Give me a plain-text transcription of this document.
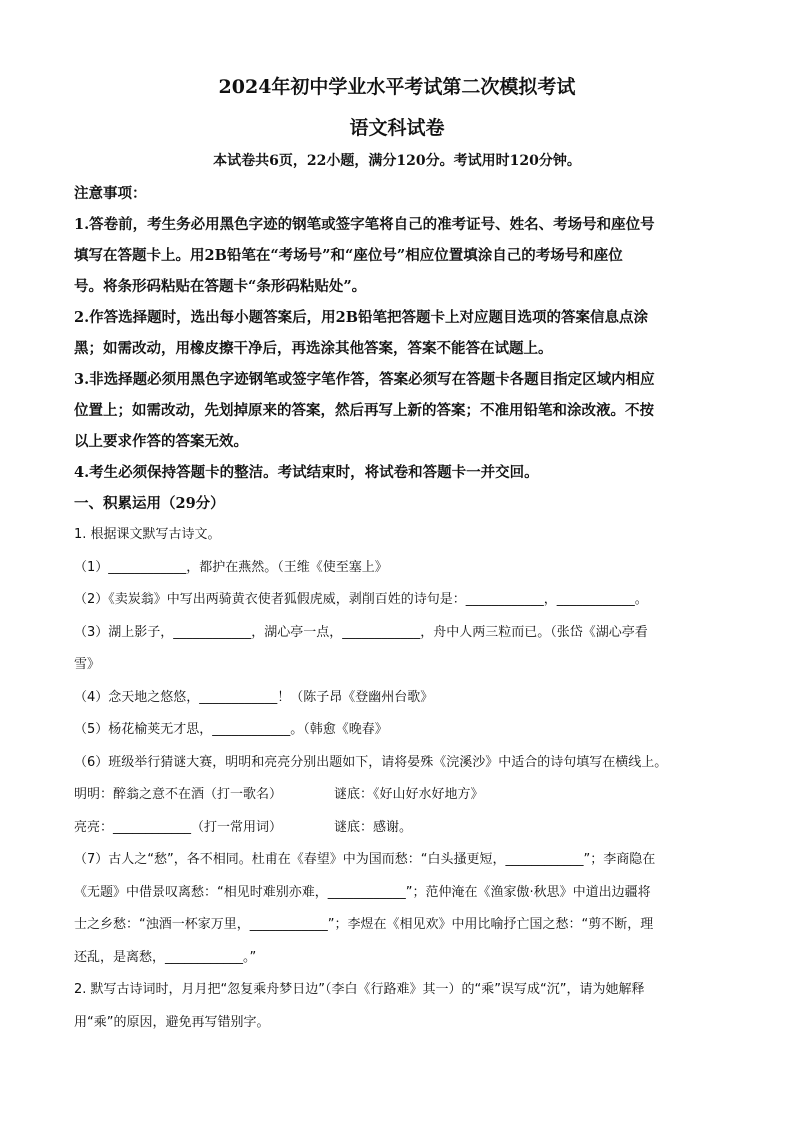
2024年初中学业水平考试第二次模拟考试
语文科试卷
本试卷共6页，22小题，满分120分。考试用时120分钟。
注意事项：
1.答卷前，考生务必用黑色字迹的钢笔或签字笔将自己的准考证号、姓名、考场号和座位号
填写在答题卡上。用2B铅笔在“考场号”和“座位号”相应位置填涂自己的考场号和座位
号。将条形码粘贴在答题卡“条形码粘贴处”。
2.作答选择题时，选出每小题答案后，用2B铅笔把答题卡上对应题目选项的答案信息点涂
黑；如需改动，用橡皮擦干净后，再选涂其他答案，答案不能答在试题上。
3.非选择题必须用黑色字迹钢笔或签字笔作答，答案必须写在答题卡各题目指定区域内相应
位置上；如需改动，先划掉原来的答案，然后再写上新的答案；不准用铅笔和涂改液。不按
以上要求作答的答案无效。
4.考生必须保持答题卡的整洁。考试结束时，将试卷和答题卡一并交回。
一、积累运用（29分）
1. 根据课文默写古诗文。
（1）____________，都护在燕然。（王维《使至塞上》
（2）《卖炭翁》中写出两骑黄衣使者狐假虎威，剥削百姓的诗句是：____________，____________。
（3）湖上影子，____________，湖心亭一点，____________，舟中人两三粒而已。（张岱《湖心亭看
雪》
（4）念天地之悠悠，____________！（陈子昂《登幽州台歌》
（5）杨花榆荚无才思，____________。（韩愈《晚春》
（6）班级举行猜谜大赛，明明和亮亮分别出题如下，请将晏殊《浣溪沙》中适合的诗句填写在横线上。
明明：醉翁之意不在酒（打一歌名）	谜底：《好山好水好地方》
亮亮：____________（打一常用词）	谜底：感谢。
（7）古人之“愁”，各不相同。杜甫在《春望》中为国而愁：“白头搔更短，____________”；李商隐在
《无题》中借景叹离愁：“相见时难别亦难，____________”；范仲淹在《渔家傲·秋思》中道出边疆将
士之乡愁：“浊酒一杯家万里，____________”；李煜在《相见欢》中用比喻抒亡国之愁：“剪不断，理
还乱，是离愁，____________。”
2. 默写古诗词时，月月把“忽复乘舟梦日边”（李白《行路难》其一）的“乘”误写成“沉”，请为她解释
用“乘”的原因，避免再写错别字。
